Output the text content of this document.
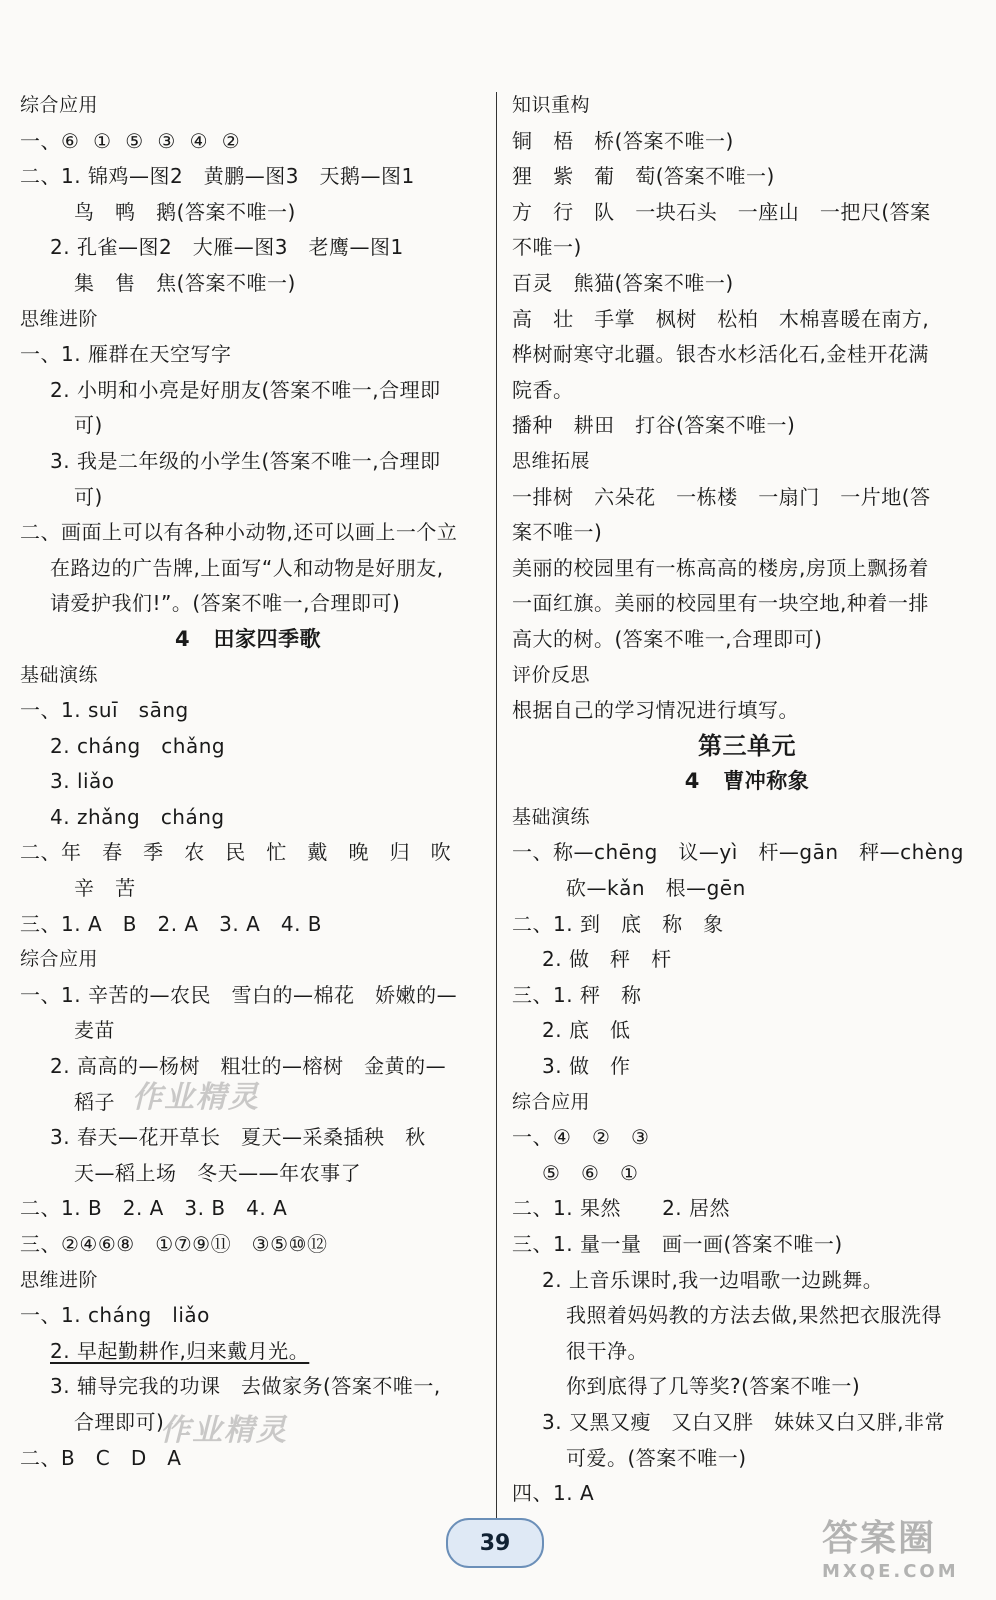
综合应用
一、⑥  ①  ⑤  ③  ④  ②
二、1. 锦鸡—图2   黄鹏—图3   天鹅—图1
鸟   鸭   鹅(答案不唯一)
2. 孔雀—图2   大雁—图3   老鹰—图1
集   售   焦(答案不唯一)
思维进阶
一、1. 雁群在天空写字
2. 小明和小亮是好朋友(答案不唯一,合理即
可)
3. 我是二年级的小学生(答案不唯一,合理即
可)
二、画面上可以有各种小动物,还可以画上一个立
在路边的广告牌,上面写“人和动物是好朋友,
请爱护我们!”。(答案不唯一,合理即可)
4   田家四季歌
基础演练
一、1. suī   sāng
2. cháng   chǎng
3. liǎo
4. zhǎng   cháng
二、年   春   季   农   民   忙   戴   晚   归   吹
辛   苦
三、1. A   B   2. A   3. A   4. B
综合应用
一、1. 辛苦的—农民   雪白的—棉花   娇嫩的—
麦苗
2. 高高的—杨树   粗壮的—榕树   金黄的—
稻子
3. 春天—花开草长   夏天—采桑插秧   秋
天—稻上场   冬天——年农事了
二、1. B   2. A   3. B   4. A
三、②④⑥⑧   ①⑦⑨⑪   ③⑤⑩⑫
思维进阶
一、1. cháng   liǎo
2. 早起勤耕作,归来戴月光。
3. 辅导完我的功课   去做家务(答案不唯一,
合理即可)
二、B   C   D   A
知识重构
铜   梧   桥(答案不唯一)
狸   紫   葡   萄(答案不唯一)
方   行   队   一块石头   一座山   一把尺(答案
不唯一)
百灵   熊猫(答案不唯一)
高   壮   手掌   枫树   松柏   木棉喜暖在南方,
桦树耐寒守北疆。银杏水杉活化石,金桂开花满
院香。
播种   耕田   打谷(答案不唯一)
思维拓展
一排树   六朵花   一栋楼   一扇门   一片地(答
案不唯一)
美丽的校园里有一栋高高的楼房,房顶上飘扬着
一面红旗。美丽的校园里有一块空地,种着一排
高大的树。(答案不唯一,合理即可)
评价反思
根据自己的学习情况进行填写。
第三单元
4   曹冲称象
基础演练
一、称—chēng   议—yì   杆—gān   秤—chèng
砍—kǎn   根—gēn
二、1. 到   底   称   象
2. 做   秤   杆
三、1. 秤   称
2. 底   低
3. 做   作
综合应用
一、④   ②   ③
⑤   ⑥   ①
二、1. 果然      2. 居然
三、1. 量一量   画一画(答案不唯一)
2. 上音乐课时,我一边唱歌一边跳舞。
我照着妈妈教的方法去做,果然把衣服洗得
很干净。
你到底得了几等奖?(答案不唯一)
3. 又黑又瘦   又白又胖   妹妹又白又胖,非常
可爱。(答案不唯一)
四、1. A
作业精灵
作业精灵
39	答案圈
MXQE.COM
